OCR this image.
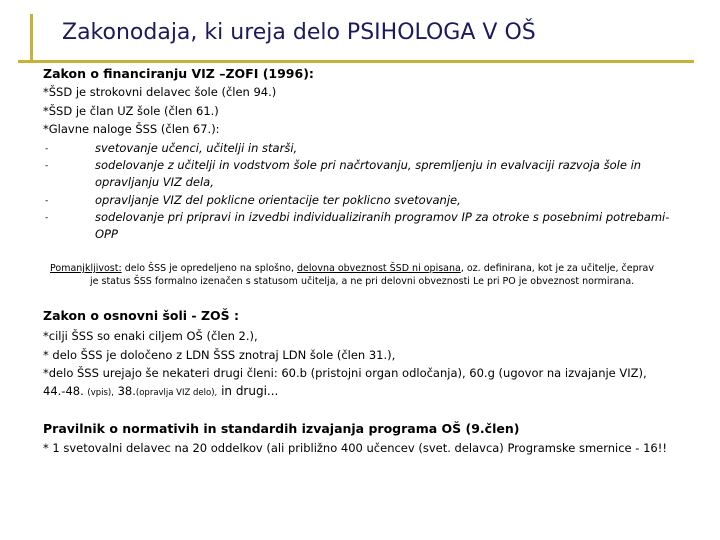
Zakonodaja, ki ureja delo PSIHOLOGA V OŠ
Zakon o financiranju VIZ –ZOFI (1996):
*ŠSD je strokovni delavec šole (člen 94.)
*ŠSD je član UZ šole (člen 61.)
*Glavne naloge ŠSS (člen 67.):
-	svetovanje učenci, učitelji in starši,
-	sodelovanje z učitelji in vodstvom šole pri načrtovanju, spremljenju in evalvaciji razvoja šole in
opravljanju VIZ dela,
-	opravljanje VIZ del poklicne orientacije ter poklicno svetovanje,
-	sodelovanje pri pripravi in izvedbi individualiziranih programov IP za otroke s posebnimi potrebami-
OPP
Pomanjkljivost: delo ŠSS je opredeljeno na splošno, delovna obveznost ŠSD ni opisana, oz. definirana, kot je za učitelje, čeprav
je status ŠSS formalno izenačen s statusom učitelja, a ne pri delovni obveznosti Le pri PO je obveznost normirana.
Zakon o osnovni šoli - ZOŠ :
*cilji ŠSS so enaki ciljem OŠ (člen 2.),
* delo ŠSS je določeno z LDN ŠSS znotraj LDN šole (člen 31.),
*delo ŠSS urejajo še nekateri drugi členi: 60.b (pristojni organ odločanja), 60.g (ugovor na izvajanje VIZ),
44.-48. (vpis), 38.(opravlja VIZ delo), in drugi...
Pravilnik o normativih in standardih izvajanja programa OŠ (9.člen)
* 1 svetovalni delavec na 20 oddelkov (ali približno 400 učencev (svet. delavca) Programske smernice - 16!!
